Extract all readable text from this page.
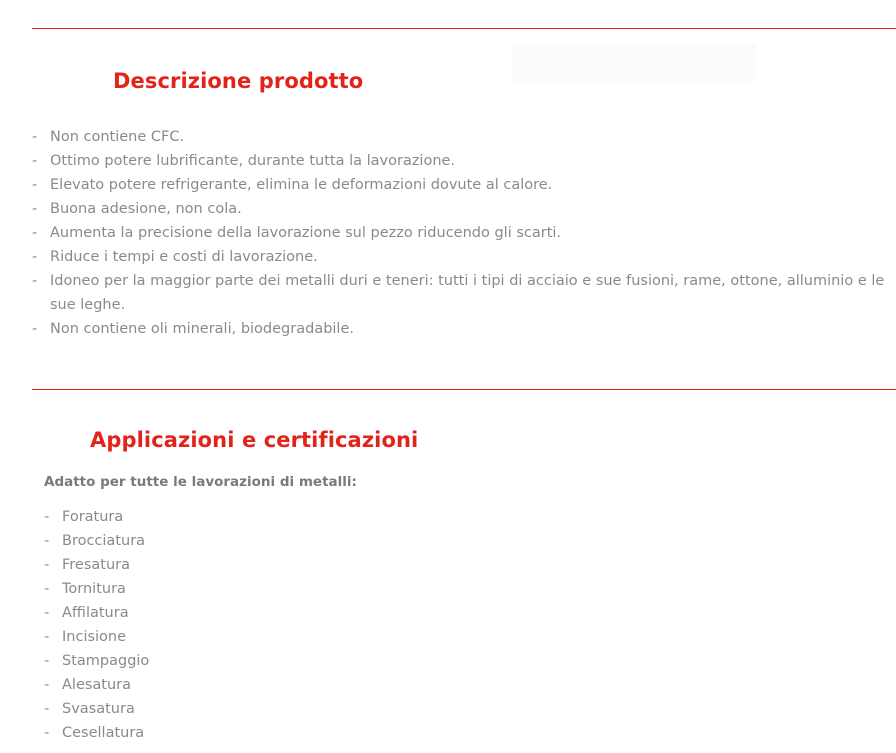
Descrizione prodotto
- Non contiene CFC.
- Ottimo potere lubrificante, durante tutta la lavorazione.
- Elevato potere refrigerante, elimina le deformazioni dovute al calore.
- Buona adesione, non cola.
- Aumenta la precisione della lavorazione sul pezzo riducendo gli scarti.
- Riduce i tempi e costi di lavorazione.
- Idoneo per la maggior parte dei metalli duri e teneri: tutti i tipi di acciaio e sue fusioni, rame, ottone, alluminio e le sue leghe.
- Non contiene oli minerali, biodegradabile.
Applicazioni e certificazioni
Adatto per tutte le lavorazioni di metalli:
- Foratura
- Brocciatura
- Fresatura
- Tornitura
- Affilatura
- Incisione
- Stampaggio
- Alesatura
- Svasatura
- Cesellatura
